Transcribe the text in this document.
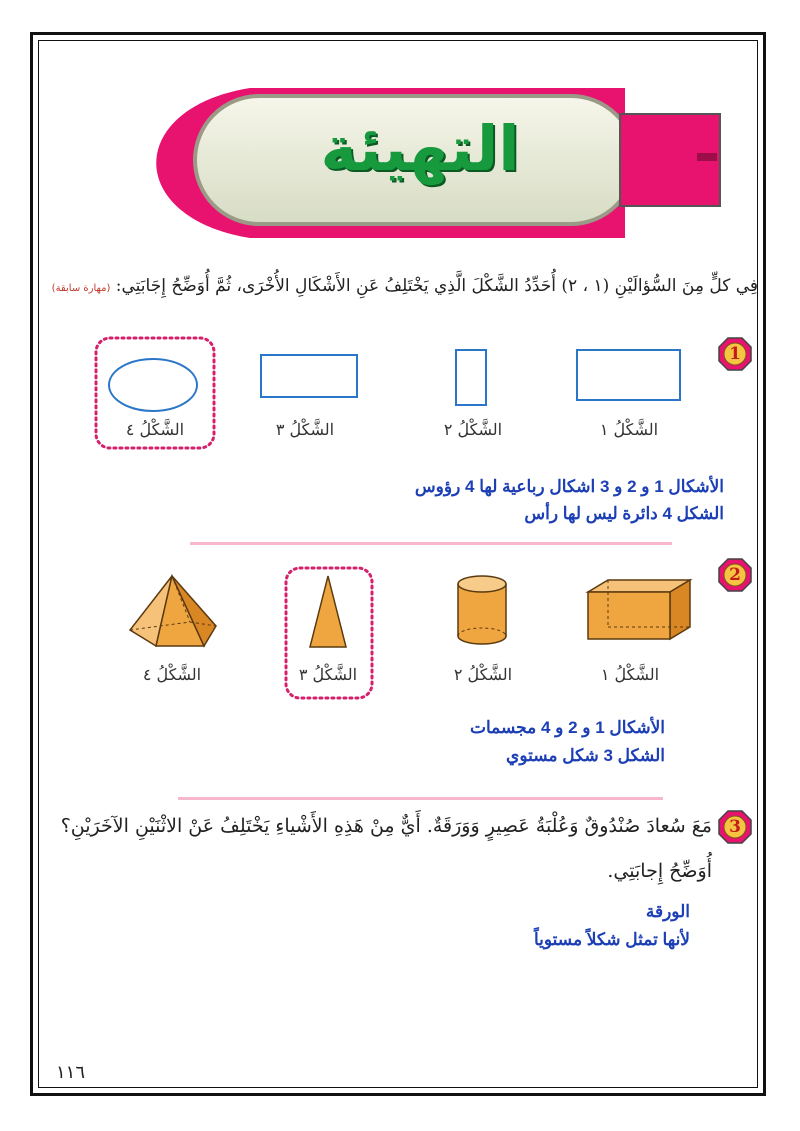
التهيئة
فِي كلٍّ مِنَ السُّؤالَيْنِ (١ ، ٢) أُحَدِّدُ الشَّكْلَ الَّذِي يَخْتَلِفُ عَنِ الأَشْكَالِ الأُخْرَى، ثُمَّ أُوَضِّحُ إِجَابَتِي: (مهارة سابقة)
1
الشَّكْلُ ١
الشَّكْلُ ٢
الشَّكْلُ ٣
الشَّكْلُ ٤
الأشكال 1 و 2 و 3 اشكال رباعية لها 4 رؤوس
الشكل 4 دائرة ليس لها رأس
2
الشَّكْلُ ١
الشَّكْلُ ٢
الشَّكْلُ ٣
الشَّكْلُ ٤
الأشكال 1 و 2 و 4 مجسمات
الشكل 3 شكل مستوي
3
مَعَ سُعادَ صُنْدُوقٌ وَعُلْبَةُ عَصِيرٍ وَوَرَقَةٌ. أَيٌّ مِنْ هَذِهِ الأَشْياءِ يَخْتَلِفُ عَنْ الاثْنَيْنِ الآخَرَيْنِ؟
أُوَضِّحُ إِجابَتِي.
الورقة
لأنها تمثل شكلاً مستوياً
١١٦
